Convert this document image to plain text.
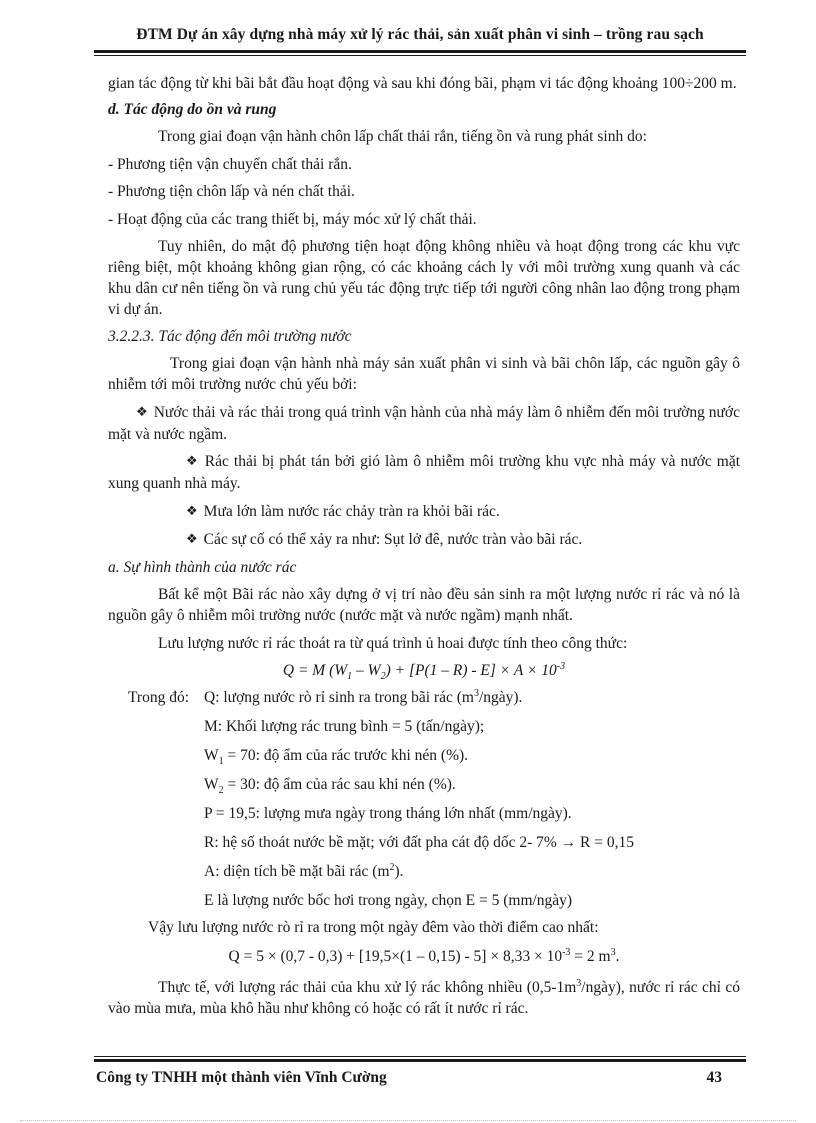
ĐTM Dự án xây dựng nhà máy xử lý rác thải, sản xuất phân vi sinh – trồng rau sạch

gian tác động từ khi bãi bắt đầu hoạt động và sau khi đóng bãi, phạm vi tác động khoảng 100÷200 m.

d. Tác động do ồn và rung

Trong giai đoạn vận hành chôn lấp chất thải rắn, tiếng ồn và rung phát sinh do:

- Phương tiện vận chuyển chất thải rắn.

- Phương tiện chôn lấp và nén chất thải.

- Hoạt động của các trang thiết bị, máy móc xử lý chất thải.

Tuy nhiên, do mật độ phương tiện hoạt động không nhiều và hoạt động trong các khu vực riêng biệt, một khoảng không gian rộng, có các khoảng cách ly với môi trường xung quanh và các khu dân cư nên tiếng ồn và rung chủ yếu tác động trực tiếp tới người công nhân lao động trong phạm vi dự án.

3.2.2.3. Tác động đến môi trường nước

Trong giai đoạn vận hành nhà máy sản xuất phân vi sinh và bãi chôn lấp, các nguồn gây ô nhiễm tới môi trường nước chủ yếu bởi:

❖ Nước thải và rác thải trong quá trình vận hành của nhà máy làm ô nhiễm đến môi trường nước mặt và nước ngầm.

❖ Rác thải bị phát tán bởi gió làm ô nhiễm môi trường khu vực nhà máy và nước mặt xung quanh nhà máy.

❖ Mưa lớn làm nước rác chảy tràn ra khỏi bãi rác.

❖ Các sự cố có thể xảy ra như: Sụt lở đê, nước tràn vào bãi rác.

a. Sự hình thành của nước rác

Bất kể một Bãi rác nào xây dựng ở vị trí nào đều sản sinh ra một lượng nước rỉ rác và nó là nguồn gây ô nhiễm môi trường nước (nước mặt và nước ngầm) mạnh nhất.

Lưu lượng nước rỉ rác thoát ra từ quá trình ủ hoai được tính theo công thức:

Q = M $(W_1 - W_2) + [P(1 - R) - E] \times A \times 10^{-3}$

Trong đó: Q: lượng nước rò rỉ sinh ra trong bãi rác $(m^3/ngày)$.

M: Khối lượng rác trung bình = 5 (tấn/ngày);

$W_1 = 70$: độ ẩm của rác trước khi nén (%).

$W_2 = 30$: độ ẩm của rác sau khi nén (%).

P = 19,5: lượng mưa ngày trong tháng lớn nhất (mm/ngày).

R: hệ số thoát nước bề mặt; với đất pha cát độ dốc 2- 7% → R = 0,15

A: diện tích bề mặt bãi rác $(m^2)$.

E là lượng nước bốc hơi trong ngày, chọn E = 5 (mm/ngày)

Vậy lưu lượng nước rò rỉ ra trong một ngày đêm vào thời điểm cao nhất:

$Q = 5 \times (0,7 - 0,3) + [19,5\times(1 - 0,15) - 5] \times 8,33 \times 10^{-3} = 2$ $m^3$.

Thực tế, với lượng rác thải của khu xử lý rác không nhiều $(0,5-1m^3/ngày)$, nước rỉ rác chỉ có vào mùa mưa, mùa khô hầu như không có hoặc có rất ít nước rỉ rác.

Công ty TNHH một thành viên Vĩnh Cường	43
